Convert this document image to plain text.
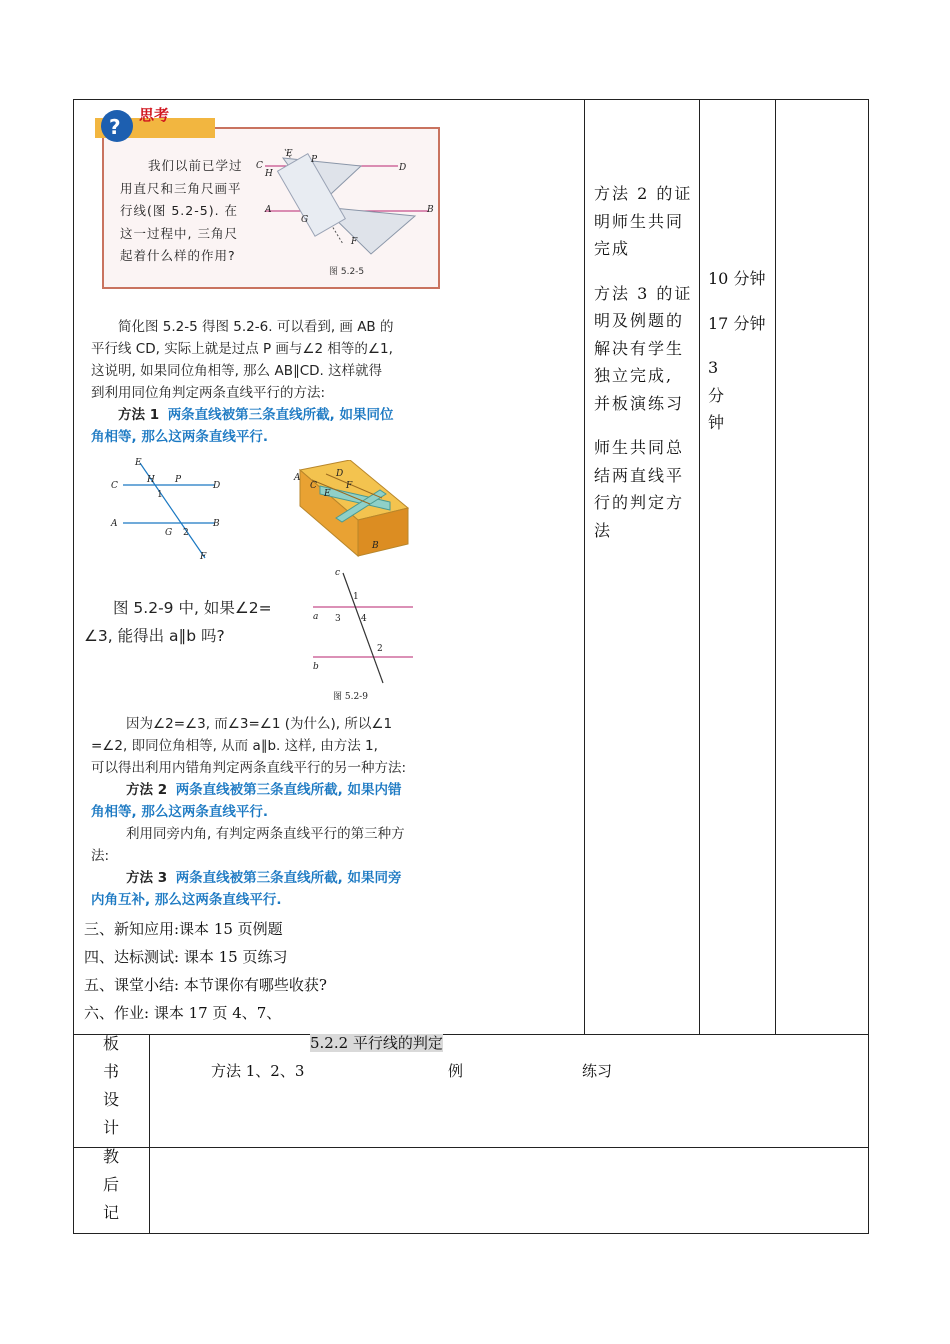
? 思考
C H E P D A G B F
图 5.2-5
我们以前已学过
用直尺和三角尺画平
行线(图 5.2-5). 在
这一过程中, 三角尺
起着什么样的作用?
简化图 5.2-5 得图 5.2-6. 可以看到, 画 AB 的
平行线 CD, 实际上就是过点 P 画与∠2 相等的∠1,
这说明, 如果同位角相等, 那么 AB∥CD. 这样就得
到利用同位角判定两条直线平行的方法:
方法 1 两条直线被第三条直线所截, 如果同位
角相等, 那么这两条直线平行.
E C H P D 1 A G 2 B F
C D E F A B
图 5.2-9 中, 如果∠2=
∠3, 能得出 a∥b 吗?
c 1 a 3 4 2 b 图 5.2-9
因为∠2=∠3, 而∠3=∠1 (为什么), 所以∠1
=∠2, 即同位角相等, 从而 a∥b. 这样, 由方法 1,
可以得出利用内错角判定两条直线平行的另一种方法:
方法 2 两条直线被第三条直线所截, 如果内错
角相等, 那么这两条直线平行.
利用同旁内角, 有判定两条直线平行的第三种方
法:
方法 3 两条直线被第三条直线所截, 如果同旁
内角互补, 那么这两条直线平行.
三、新知应用:课本 15 页例题
四、达标测试: 课本 15 页练习
五、课堂小结: 本节课你有哪些收获?
六、作业: 课本 17 页 4、7、

方法 2 的证明师生共同完成

方法 3 的证明及例题的解决有学生独立完成, 并板演练习

师生共同总结两直线平行的判定方法

10 分钟

17 分钟

3 分钟

板
书
设
计
5.2.2 平行线的判定
方法 1、2、3	例	练习
教
后
记
